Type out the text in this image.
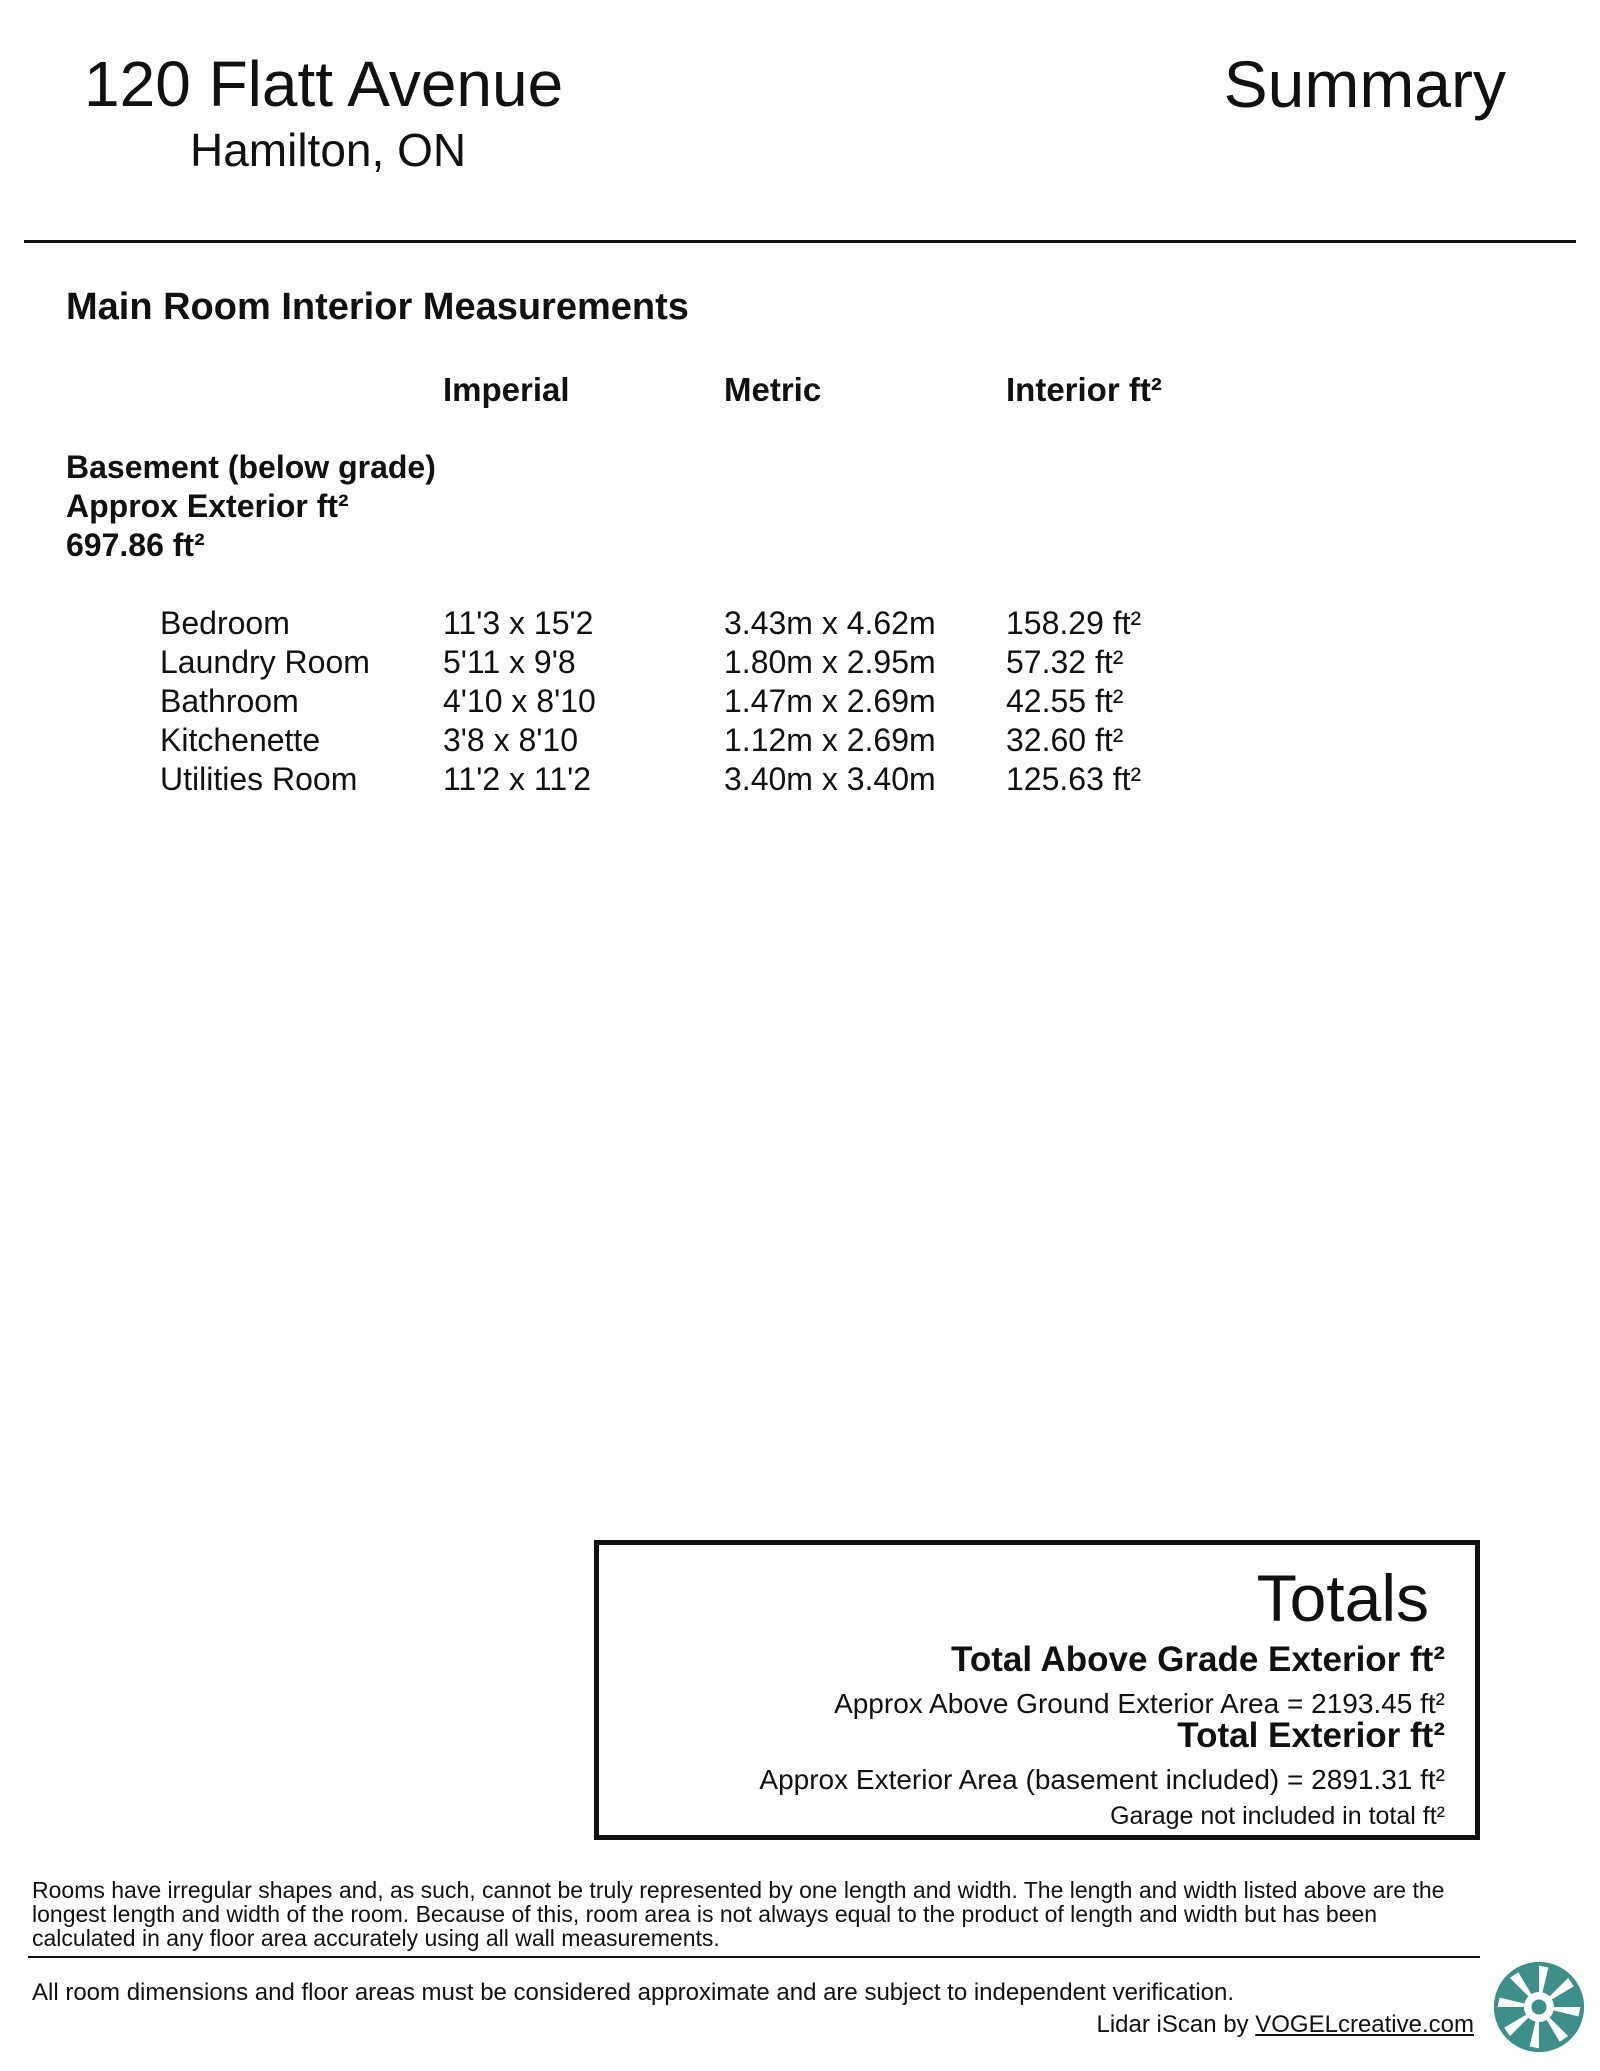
120 Flatt Avenue
Hamilton, ON
Summary
Main Room Interior Measurements
Imperial	Metric	Interior ft²
Basement (below grade)
Approx Exterior ft²
697.86 ft²
Bedroom	11'3 x 15'2	3.43m x 4.62m 158.29 ft²
Laundry Room 5'11 x 9'8	1.80m x 2.95m 57.32 ft²
Bathroom	4'10 x 8'10	1.47m x 2.69m 42.55 ft²
Kitchenette	3'8 x 8'10	1.12m x 2.69m 32.60 ft²
Utilities Room	11'2 x 11'2	3.40m x 3.40m 125.63 ft²
Totals
Total Above Grade Exterior ft²
Approx Above Ground Exterior Area = 2193.45 ft²
Total Exterior ft²
Approx Exterior Area (basement included) = 2891.31 ft²
Garage not included in total ft²
Rooms have irregular shapes and, as such, cannot be truly represented by one length and width. The length and width listed above are the longest length and width of the room. Because of this, room area is not always equal to the product of length and width but has been calculated in any floor area accurately using all wall measurements.
All room dimensions and floor areas must be considered approximate and are subject to independent verification.
Lidar iScan by VOGELcreative.com
